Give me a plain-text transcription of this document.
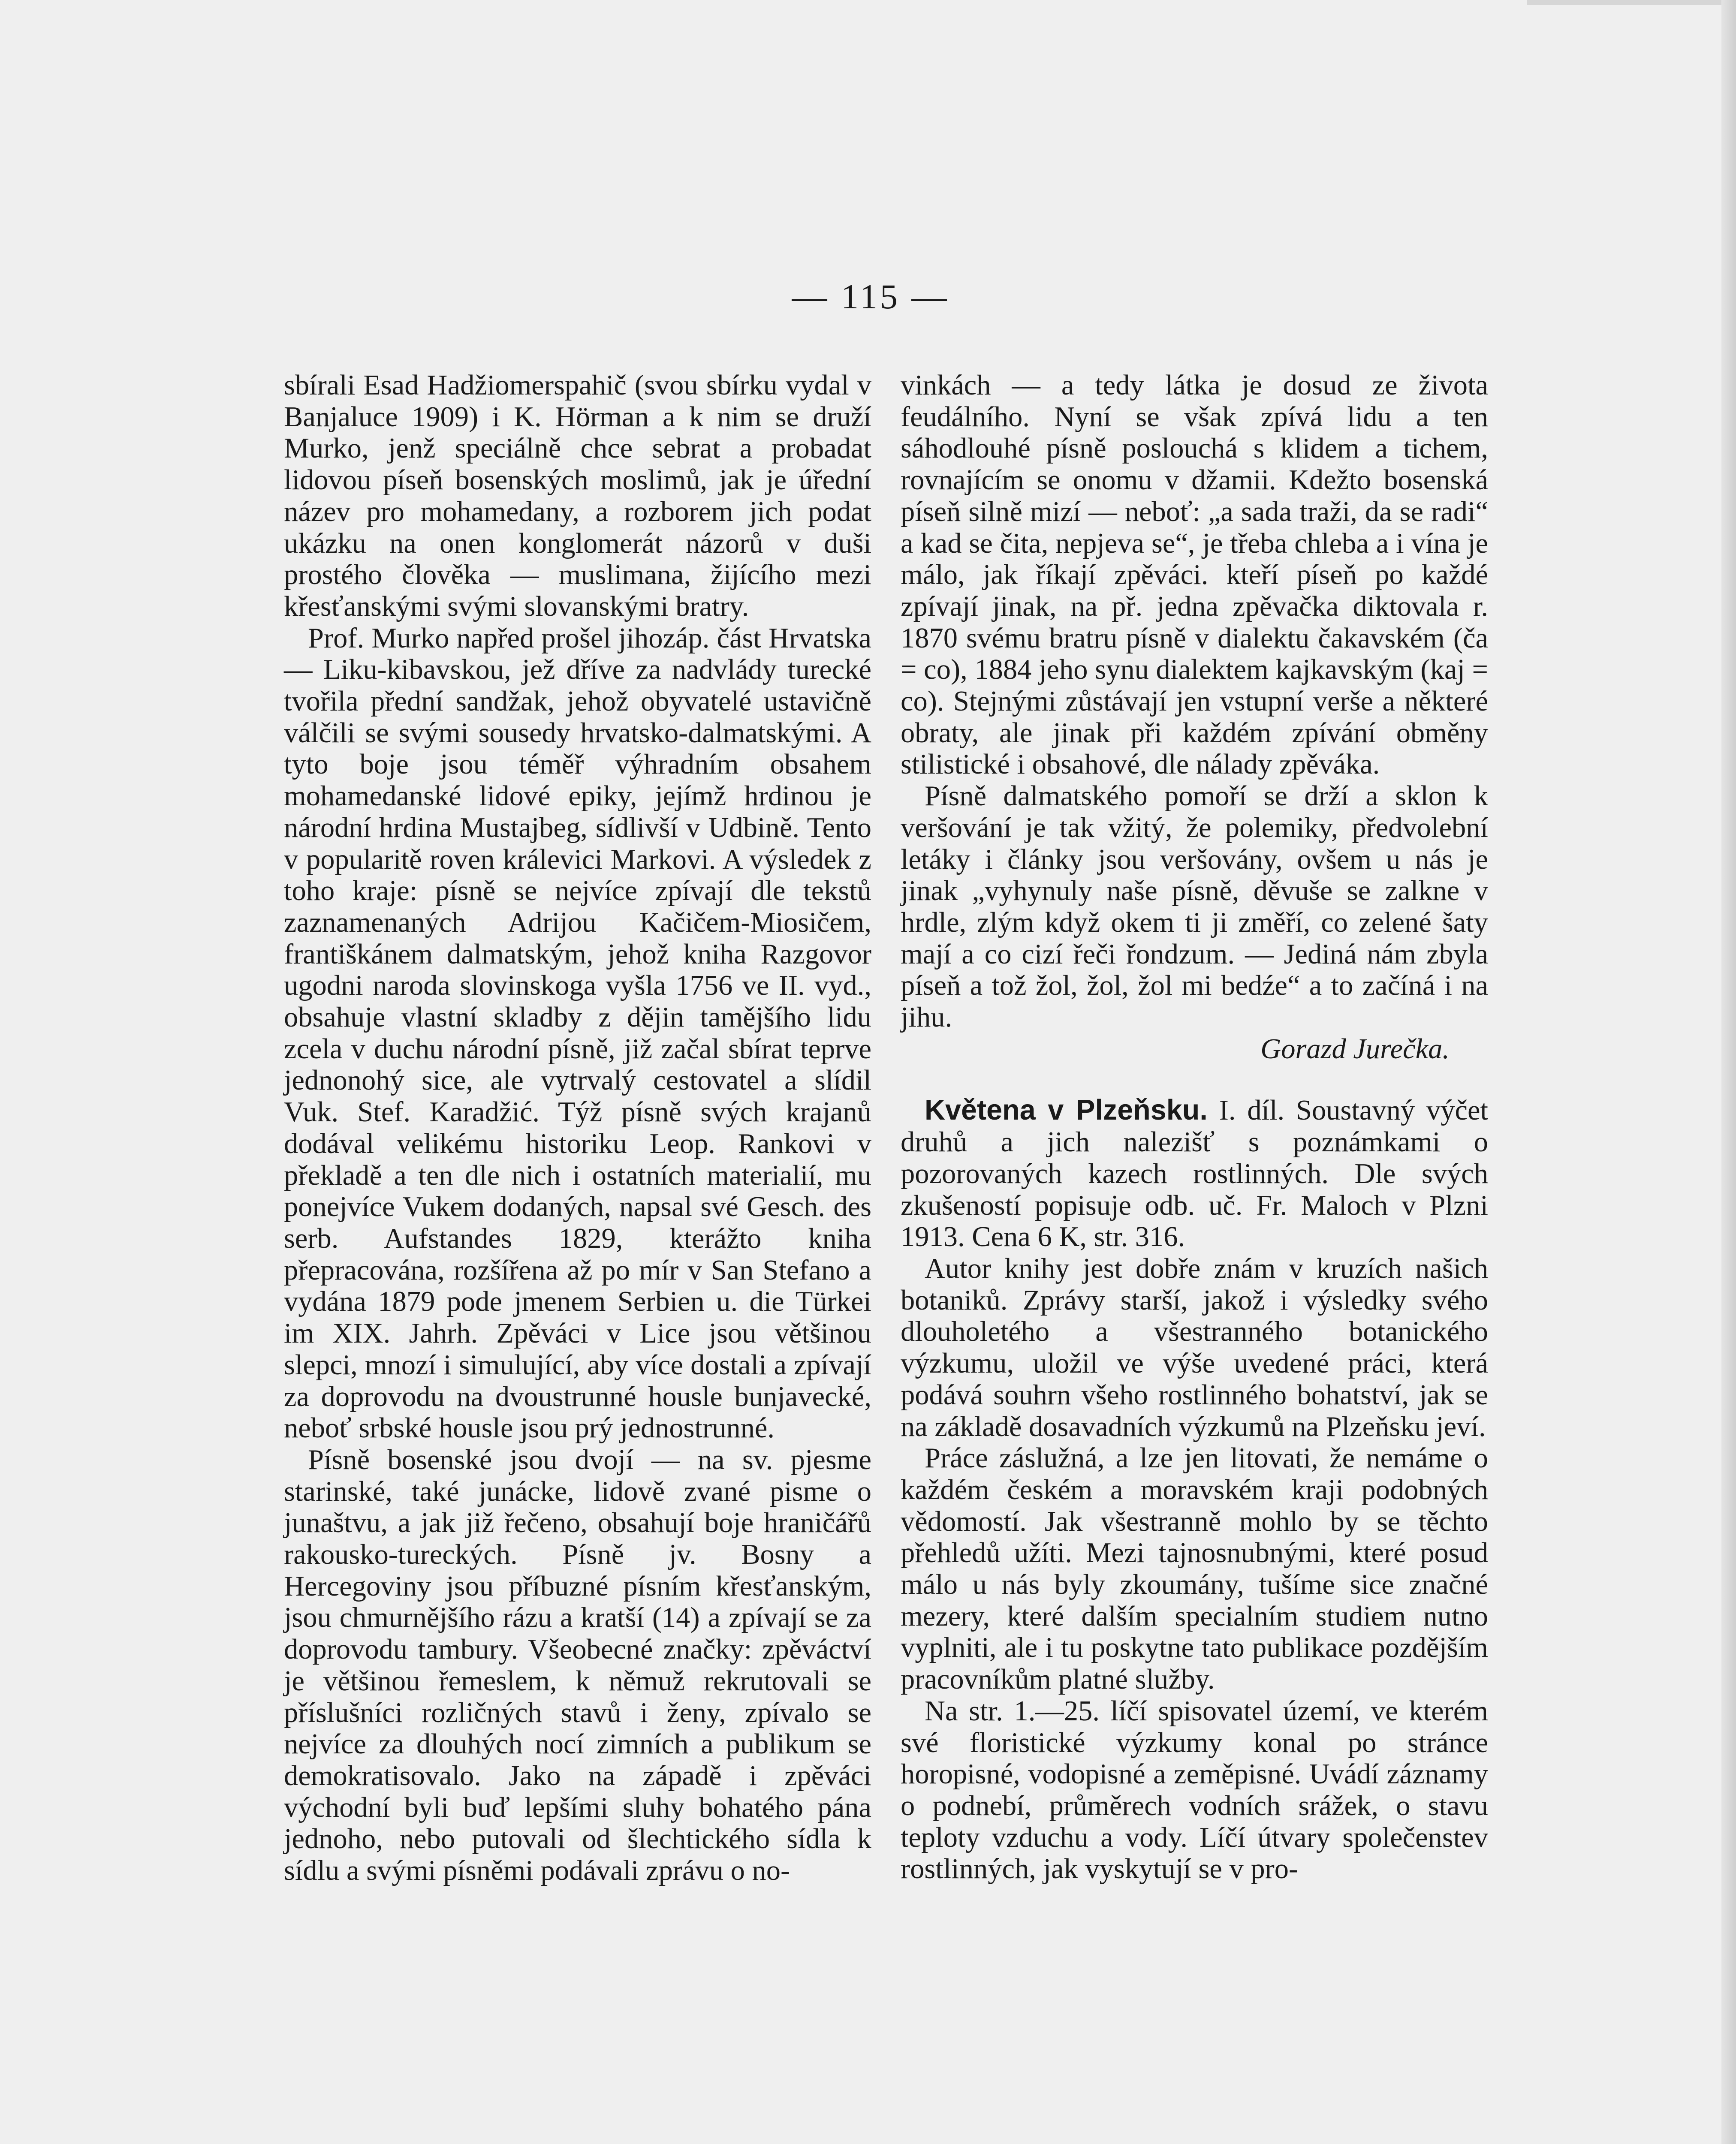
— 115 —

sbírali Esad Hadžiomerspahič (svou sbírku vydal v Banjaluce 1909) i K. Hörman a k nim se druží Murko, jenž speciálně chce sebrat a probadat lidovou píseň bosenských moslimů, jak je úřední název pro mohamedany, a rozborem jich podat ukázku na onen konglomerát názorů v duši prostého člověka — muslimana, žijícího mezi křesťanskými svými slovanskými bratry.

Prof. Murko napřed prošel jihozáp. část Hrvatska — Liku-kibavskou, jež dříve za nadvlády turecké tvořila přední sandžak, jehož obyvatelé ustavičně válčili se svými sousedy hrvatsko-dalmatskými. A tyto boje jsou téměř výhradním obsahem mohamedanské lidové epiky, jejímž hrdinou je národní hrdina Mustajbeg, sídlivší v Udbině. Tento v popularitě roven králevici Markovi. A výsledek z toho kraje: písně se nejvíce zpívají dle tekstů zaznamenaných Adrijou Kačičem-Miosičem, františkánem dalmatským, jehož kniha Razgovor ugodni naroda slovinskoga vyšla 1756 ve II. vyd., obsahuje vlastní skladby z dějin tamějšího lidu zcela v duchu národní písně, již začal sbírat teprve jednonohý sice, ale vytrvalý cestovatel a slídil Vuk. Stef. Karadžić. Týž písně svých krajanů dodával velikému historiku Leop. Rankovi v překladě a ten dle nich i ostatních materialií, mu ponejvíce Vukem dodaných, napsal své Gesch. des serb. Aufstandes 1829, kterážto kniha přepracována, rozšířena až po mír v San Stefano a vydána 1879 pode jmenem Serbien u. die Türkei im XIX. Jahrh. Zpěváci v Lice jsou většinou slepci, mnozí i simulující, aby více dostali a zpívají za doprovodu na dvoustrunné housle bunjavecké, neboť srbské housle jsou prý jednostrunné.

Písně bosenské jsou dvojí — na sv. pjesme starinské, také junácke, lidově zvané pisme o junaštvu, a jak již řečeno, obsahují boje hraničářů rakousko-tureckých. Písně jv. Bosny a Hercegoviny jsou příbuzné písním křesťanským, jsou chmurnějšího rázu a kratší (14) a zpívají se za doprovodu tambury. Všeobecné značky: zpěváctví je většinou řemeslem, k němuž rekrutovali se příslušníci rozličných stavů i ženy, zpívalo se nejvíce za dlouhých nocí zimních a publikum se demokratisovalo. Jako na západě i zpěváci východní byli buď lepšími sluhy bohatého pána jednoho, nebo putovali od šlechtického sídla k sídlu a svými písněmi podávali zprávu o no-

vinkách — a tedy látka je dosud ze života feudálního. Nyní se však zpívá lidu a ten sáhodlouhé písně poslouchá s klidem a tichem, rovnajícím se onomu v džamii. Kdežto bosenská píseň silně mizí — neboť: „a sada traži, da se radi“ a kad se čita, nepjeva se“, je třeba chleba a i vína je málo, jak říkají zpěváci. kteří píseň po každé zpívají jinak, na př. jedna zpěvačka diktovala r. 1870 svému bratru písně v dialektu čakavském (ča = co), 1884 jeho synu dialektem kajkavským (kaj = co). Stejnými zůstávají jen vstupní verše a některé obraty, ale jinak při každém zpívání obměny stilistické i obsahové, dle nálady zpěváka.

Písně dalmatského pomoří se drží a sklon k veršování je tak vžitý, že polemiky, předvolební letáky i články jsou veršovány, ovšem u nás je jinak „vyhynuly naše písně, děvuše se zalkne v hrdle, zlým když okem ti ji změří, co zelené šaty mají a co cizí řeči řondzum. — Jediná nám zbyla píseň a tož žol, žol, žol mi bedźe“ a to začíná i na jihu.

Gorazd Jurečka.

Květena v Plzeňsku. I. díl. Soustavný výčet druhů a jich nalezišť s poznámkami o pozorovaných kazech rostlinných. Dle svých zkušeností popisuje odb. uč. Fr. Maloch v Plzni 1913. Cena 6 K, str. 316.

Autor knihy jest dobře znám v kruzích našich botaniků. Zprávy starší, jakož i výsledky svého dlouholetého a všestranného botanického výzkumu, uložil ve výše uvedené práci, která podává souhrn všeho rostlinného bohatství, jak se na základě dosavadních výzkumů na Plzeňsku jeví.

Práce záslužná, a lze jen litovati, že nemáme o každém českém a moravském kraji podobných vědomostí. Jak všestranně mohlo by se těchto přehledů užíti. Mezi tajnosnubnými, které posud málo u nás byly zkoumány, tušíme sice značné mezery, které dalším specialním studiem nutno vyplniti, ale i tu poskytne tato publikace pozdějším pracovníkům platné služby.

Na str. 1.—25. líčí spisovatel území, ve kterém své floristické výzkumy konal po stránce horopisné, vodopisné a zeměpisné. Uvádí záznamy o podnebí, průměrech vodních srážek, o stavu teploty vzduchu a vody. Líčí útvary společenstev rostlinných, jak vyskytují se v pro-
